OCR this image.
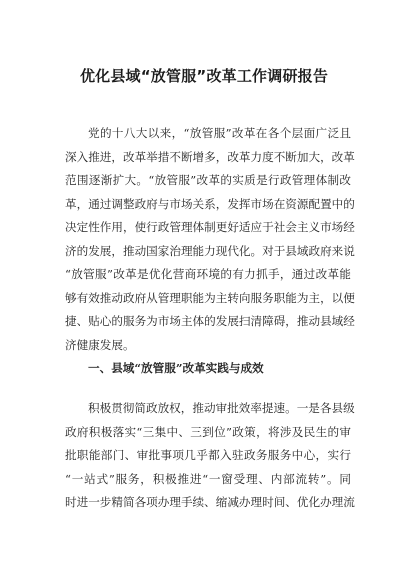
优化县域“放管服”改革工作调研报告
党的十八大以来，“放管服”改革在各个层面广泛且
深入推进，改革举措不断增多，改革力度不断加大，改革
范围逐渐扩大。“放管服”改革的实质是行政管理体制改
革，通过调整政府与市场关系，发挥市场在资源配置中的
决定性作用，使行政管理体制更好适应于社会主义市场经
济的发展，推动国家治理能力现代化。对于县域政府来说
“放管服”改革是优化营商环境的有力抓手，通过改革能
够有效推动政府从管理职能为主转向服务职能为主，以便
捷、贴心的服务为市场主体的发展扫清障碍，推动县域经
济健康发展。
一、县域“放管服”改革实践与成效
积极贯彻简政放权，推动审批效率提速。一是各县级
政府积极落实“三集中、三到位”政策，将涉及民生的审
批职能部门、审批事项几乎都入驻政务服务中心，实行
“一站式”服务，积极推进“一窗受理、内部流转”。同
时进一步精简各项办理手续、缩减办理时间、优化办理流
